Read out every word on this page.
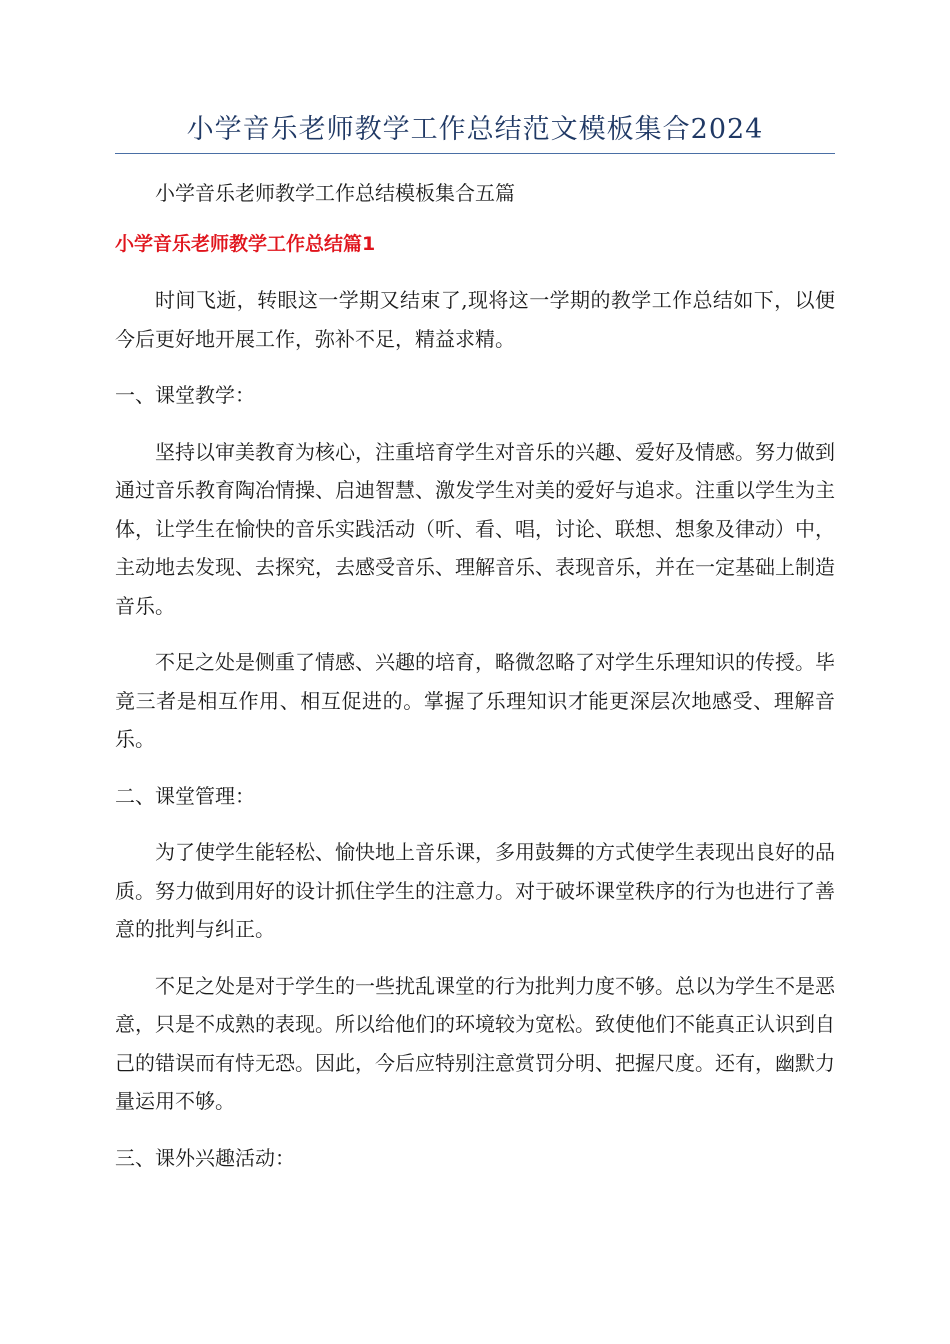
小学音乐老师教学工作总结范文模板集合2024

小学音乐老师教学工作总结模板集合五篇

小学音乐老师教学工作总结篇1

时间飞逝，转眼这一学期又结束了,现将这一学期的教学工作总结如下，以便今后更好地开展工作，弥补不足，精益求精。

一、课堂教学：

坚持以审美教育为核心，注重培育学生对音乐的兴趣、爱好及情感。努力做到通过音乐教育陶冶情操、启迪智慧、激发学生对美的爱好与追求。注重以学生为主体，让学生在愉快的音乐实践活动（听、看、唱，讨论、联想、想象及律动）中，主动地去发现、去探究，去感受音乐、理解音乐、表现音乐，并在一定基础上制造音乐。

不足之处是侧重了情感、兴趣的培育，略微忽略了对学生乐理知识的传授。毕竟三者是相互作用、相互促进的。掌握了乐理知识才能更深层次地感受、理解音乐。

二、课堂管理：

为了使学生能轻松、愉快地上音乐课，多用鼓舞的方式使学生表现出良好的品质。努力做到用好的设计抓住学生的注意力。对于破坏课堂秩序的行为也进行了善意的批判与纠正。

不足之处是对于学生的一些扰乱课堂的行为批判力度不够。总以为学生不是恶意，只是不成熟的表现。所以给他们的环境较为宽松。致使他们不能真正认识到自己的错误而有恃无恐。因此，今后应特别注意赏罚分明、把握尺度。还有，幽默力量运用不够。

三、课外兴趣活动：
